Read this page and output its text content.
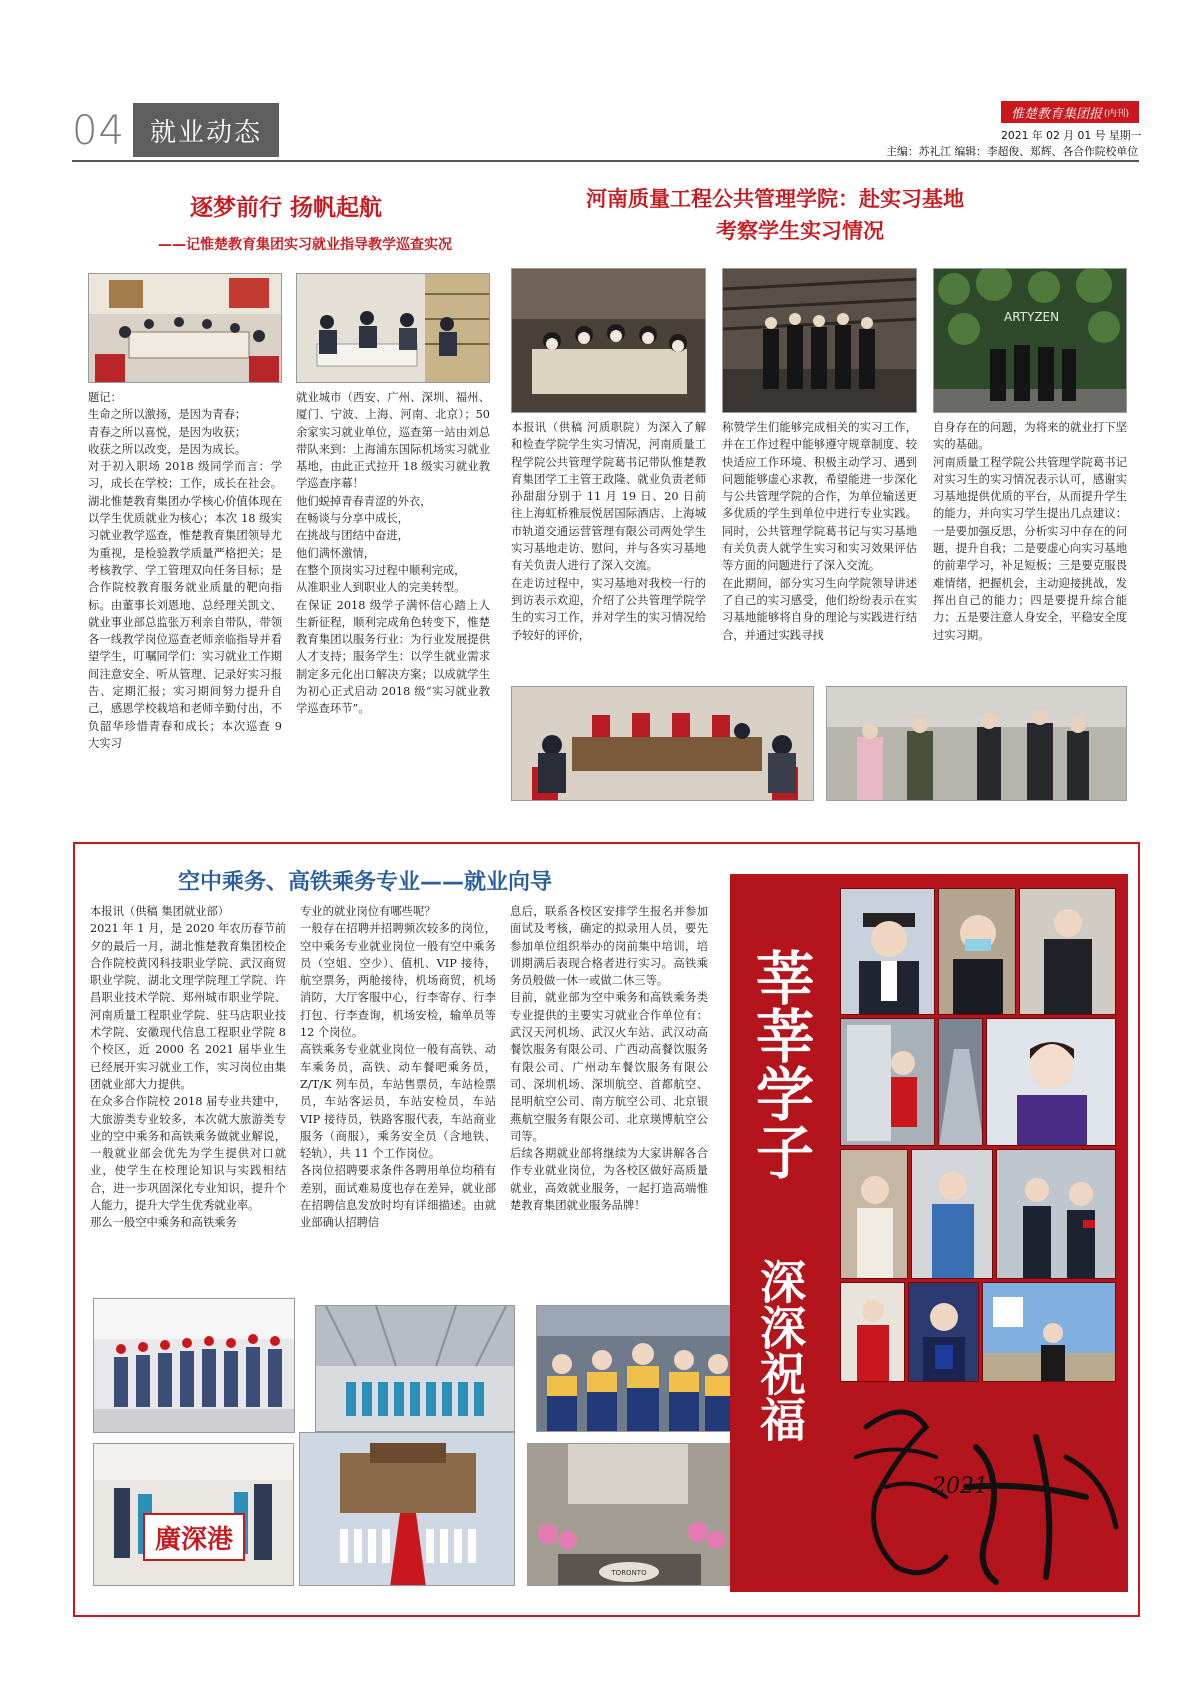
04 就业动态
惟楚教育集团报 (内刊)
2021 年 02 月 01 号 星期一
主编：苏礼江 编辑：李超俊、郑辉、各合作院校单位
逐梦前行 扬帆起航
——记惟楚教育集团实习就业指导教学巡查实况
题记：
生命之所以激扬，是因为青春；
青春之所以喜悦，是因为收获；
收获之所以改变，是因为成长。
对于初入职场 2018 级同学而言：学习，成长在学校；工作，成长在社会。湖北惟楚教育集团办学核心价值体现在以学生优质就业为核心；本次 18 级实习就业教学巡查，惟楚教育集团领导尤为重视，是检验教学质量严格把关；是考核教学、学工管理双向任务目标；是合作院校教育服务就业质量的靶向指标。由董事长刘恩地、总经理关凯文、就业事业部总监张万利亲自带队，带领各一线教学岗位巡查老师亲临指导并看望学生，叮嘱同学们：实习就业工作期间注意安全、听从管理、记录好实习报告、定期汇报；实习期间努力提升自己，感恩学校栽培和老师辛勤付出，不负韶华珍惜青春和成长；本次巡查 9 大实习
就业城市（西安、广州、深圳、福州、厦门、宁波、上海、河南、北京）；50 余家实习就业单位，巡查第一站由刘总带队来到：上海浦东国际机场实习就业基地，由此正式拉开 18 级实习就业教学巡查序幕！
他们蜕掉青春青涩的外衣，
在畅谈与分享中成长，
在挑战与团结中奋进，
他们满怀激情，
在整个顶岗实习过程中顺利完成，
从准职业人到职业人的完美转型。
在保证 2018 级学子满怀信心踏上人生新征程，顺利完成角色转变下，惟楚教育集团以服务行业：为行业发展提供人才支持；服务学生：以学生就业需求制定多元化出口解决方案；以成就学生为初心正式启动 2018 级“实习就业教学巡查环节”。
河南质量工程公共管理学院：赴实习基地
考察学生实习情况
ARTYZEN
本报讯（供稿 河质职院）为深入了解和检查学院学生实习情况，河南质量工程学院公共管理学院葛书记带队惟楚教育集团学工主管王政隆、就业负责老师孙甜甜分别于 11 月 19 日、20 日前往上海虹桥雅辰悦居国际酒店、上海城市轨道交通运营管理有限公司两处学生实习基地走访、慰问，并与各实习基地有关负责人进行了深入交流。
在走访过程中，实习基地对我校一行的到访表示欢迎，介绍了公共管理学院学生的实习工作，并对学生的实习情况给予较好的评价，
称赞学生们能够完成相关的实习工作，并在工作过程中能够遵守规章制度、较快适应工作环境、积极主动学习、遇到问题能够虚心求教，希望能进一步深化与公共管理学院的合作，为单位输送更多优质的学生到单位中进行专业实践。同时，公共管理学院葛书记与实习基地有关负责人就学生实习和实习效果评估等方面的问题进行了深入交流。
在此期间，部分实习生向学院领导讲述了自己的实习感受，他们纷纷表示在实习基地能够将自身的理论与实践进行结合，并通过实践寻找
自身存在的问题，为将来的就业打下坚实的基础。
河南质量工程学院公共管理学院葛书记对实习生的实习情况表示认可，感谢实习基地提供优质的平台，从而提升学生的能力，并向实习学生提出几点建议：一是要加强反思，分析实习中存在的问题，提升自我；二是要虚心向实习基地的前辈学习，补足短板；三是要克服畏难情绪，把握机会，主动迎接挑战，发挥出自己的能力；四是要提升综合能力；五是要注意人身安全，平稳安全度过实习期。
空中乘务、高铁乘务专业——就业向导
本报讯（供稿 集团就业部）
2021 年 1 月，是 2020 年农历春节前夕的最后一月，湖北惟楚教育集团校企合作院校黄冈科技职业学院、武汉商贸职业学院、湖北文理学院理工学院、许昌职业技术学院、郑州城市职业学院、河南质量工程职业学院、驻马店职业技术学院、安徽现代信息工程职业学院 8 个校区，近 2000 名 2021 届毕业生已经展开实习就业工作，实习岗位由集团就业部大力提供。
在众多合作院校 2018 届专业共建中，大旅游类专业较多，本次就大旅游类专业的空中乘务和高铁乘务做就业解说，一般就业部会优先为学生提供对口就业，使学生在校理论知识与实践相结合，进一步巩固深化专业知识，提升个人能力，提升大学生优秀就业率。
那么一般空中乘务和高铁乘务
专业的就业岗位有哪些呢？
一般存在招聘并招聘频次较多的岗位，空中乘务专业就业岗位一般有空中乘务员（空姐、空少）、值机、VIP 接待，航空票务，两舱接待，机场商贸，机场消防，大厅客服中心，行李寄存、行李打包、行李查询，机场安检，输单员等 12 个岗位。
高铁乘务专业就业岗位一般有高铁、动车乘务员，高铁、动车餐吧乘务员，Z/T/K 列车员，车站售票员，车站检票员，车站客运员，车站安检员，车站 VIP 接待员，铁路客服代表，车站商业服务（商服），乘务安全员（含地铁、轻轨），共 11 个工作岗位。
各岗位招聘要求条件各聘用单位均稍有差别，面试难易度也存在差异，就业部在招聘信息发放时均有详细描述。由就业部确认招聘信
息后，联系各校区安排学生报名并参加面试及考核，确定的拟录用人员，要先参加单位组织举办的岗前集中培训，培训期满后表现合格者进行实习。高铁乘务员般做一休一或做二休三等。
目前，就业部为空中乘务和高铁乘务类专业提供的主要实习就业合作单位有：武汉天河机场、武汉火车站、武汉动高餐饮服务有限公司、广西动高餐饮服务有限公司、广州动车餐饮服务有限公司、深圳机场、深圳航空、首都航空、昆明航空公司、南方航空公司、北京银燕航空服务有限公司、北京瑛博航空公司等。
后续各期就业部将继续为大家讲解各合作专业就业岗位，为各校区做好高质量就业，高效就业服务，一起打造高端惟楚教育集团就业服务品牌！
廣深港
TORONTO
莘莘学子
深深祝福
2021
牛年
